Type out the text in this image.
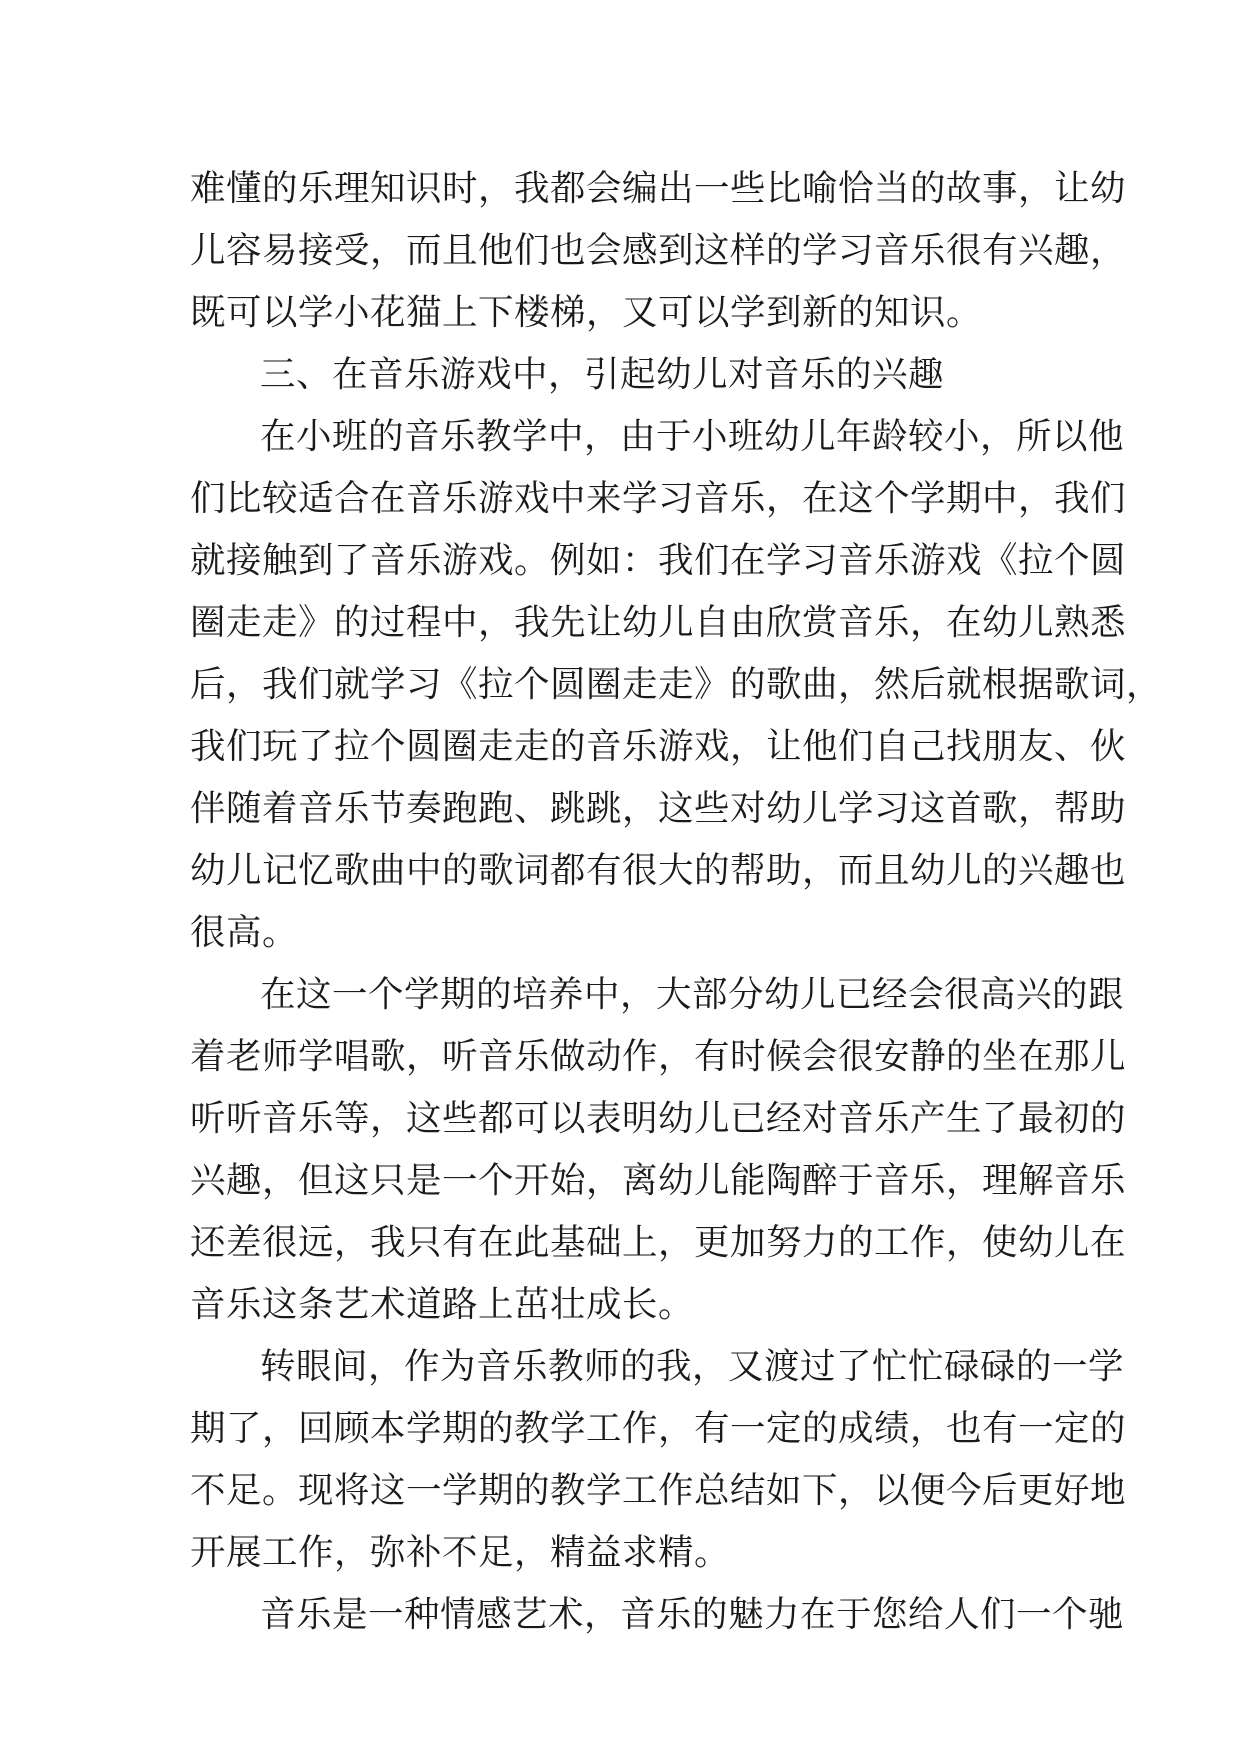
难懂的乐理知识时，我都会编出一些比喻恰当的故事，让幼
儿容易接受，而且他们也会感到这样的学习音乐很有兴趣，
既可以学小花猫上下楼梯，又可以学到新的知识。
三、在音乐游戏中，引起幼儿对音乐的兴趣
在小班的音乐教学中，由于小班幼儿年龄较小，所以他
们比较适合在音乐游戏中来学习音乐，在这个学期中，我们
就接触到了音乐游戏。例如：我们在学习音乐游戏《拉个圆
圈走走》的过程中，我先让幼儿自由欣赏音乐，在幼儿熟悉
后，我们就学习《拉个圆圈走走》的歌曲，然后就根据歌词，
我们玩了拉个圆圈走走的音乐游戏，让他们自己找朋友、伙
伴随着音乐节奏跑跑、跳跳，这些对幼儿学习这首歌，帮助
幼儿记忆歌曲中的歌词都有很大的帮助，而且幼儿的兴趣也
很高。
在这一个学期的培养中，大部分幼儿已经会很高兴的跟
着老师学唱歌，听音乐做动作，有时候会很安静的坐在那儿
听听音乐等，这些都可以表明幼儿已经对音乐产生了最初的
兴趣，但这只是一个开始，离幼儿能陶醉于音乐，理解音乐
还差很远，我只有在此基础上，更加努力的工作，使幼儿在
音乐这条艺术道路上茁壮成长。
转眼间，作为音乐教师的我，又渡过了忙忙碌碌的一学
期了，回顾本学期的教学工作，有一定的成绩，也有一定的
不足。现将这一学期的教学工作总结如下，以便今后更好地
开展工作，弥补不足，精益求精。
音乐是一种情感艺术，音乐的魅力在于您给人们一个驰
